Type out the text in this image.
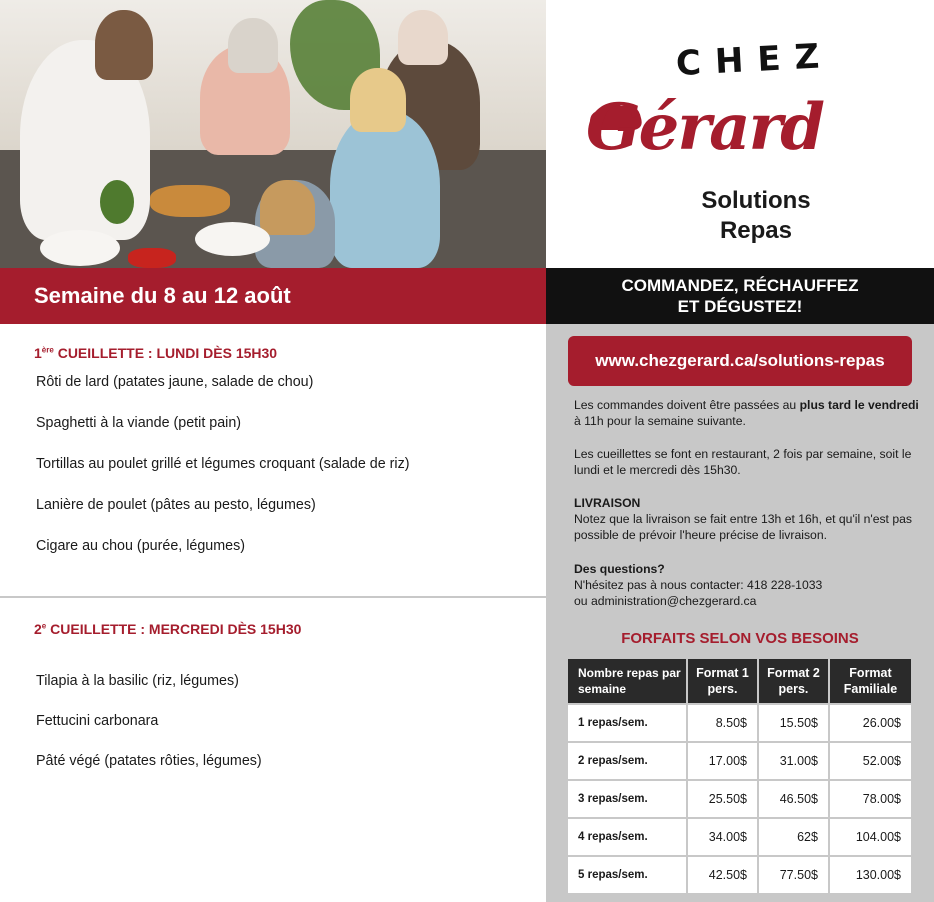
CHEZ
Gérard
Solutions
Repas
Semaine du 8 au 12 août	COMMANDEZ, RÉCHAUFFEZ
ET DÉGUSTEZ!
www.chezgerard.ca/solutions-repas
Les commandes doivent être passées au plus tard le vendredi à 11h pour la semaine suivante.
Les cueillettes se font en restaurant, 2 fois par semaine, soit le lundi et le mercredi dès 15h30.
LIVRAISON
Notez que la livraison se fait entre 13h et 16h, et qu'il n'est pas possible de prévoir l'heure précise de livraison.
Des questions?
N'hésitez pas à nous contacter: 418 228-1033
ou administration@chezgerard.ca
FORFAITS SELON VOS BESOINS
Nombre repas par semaine	Format 1 pers.	Format 2 pers.	Format Familiale
1 repas/sem.	8.50$	15.50$	26.00$
2 repas/sem.	17.00$	31.00$	52.00$
3 repas/sem.	25.50$	46.50$	78.00$
4 repas/sem.	34.00$	62$	104.00$
5 repas/sem.	42.50$	77.50$	130.00$
1ère CUEILLETTE : LUNDI DÈS 15H30
Rôti de lard (patates jaune, salade de chou)
Spaghetti à la viande (petit pain)
Tortillas au poulet grillé et légumes croquant (salade de riz)
Lanière de poulet (pâtes au pesto, légumes)
Cigare au chou (purée, légumes)
2e CUEILLETTE : MERCREDI DÈS 15H30
Tilapia à la basilic (riz, légumes)
Fettucini carbonara
Pâté végé (patates rôties, légumes)
